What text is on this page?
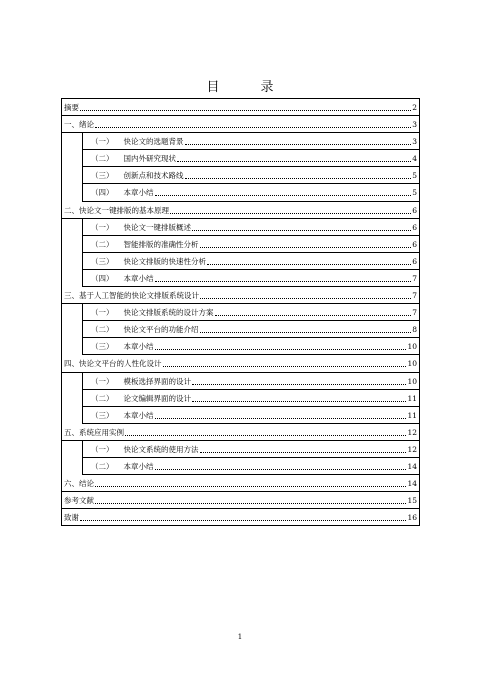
目　录
摘要	2
一、绪论	3
（一） 快论文的选题背景	3
（二） 国内外研究现状	4
（三） 创新点和技术路线	5
（四） 本章小结	5
二、快论文一键排版的基本原理	6
（一） 快论文一键排版概述	6
（二） 智能排版的准确性分析	6
（三） 快论文排版的快速性分析	6
（四） 本章小结	7
三、基于人工智能的快论文排版系统设计	7
（一） 快论文排版系统的设计方案	7
（二） 快论文平台的功能介绍	8
（三） 本章小结	10
四、快论文平台的人性化设计	10
（一） 模板选择界面的设计	10
（二） 论文编辑界面的设计	11
（三） 本章小结	11
五、系统应用实例	12
（一） 快论文系统的使用方法	12
（二） 本章小结	14
六、结论	14
参考文献	15
致谢	16
1
